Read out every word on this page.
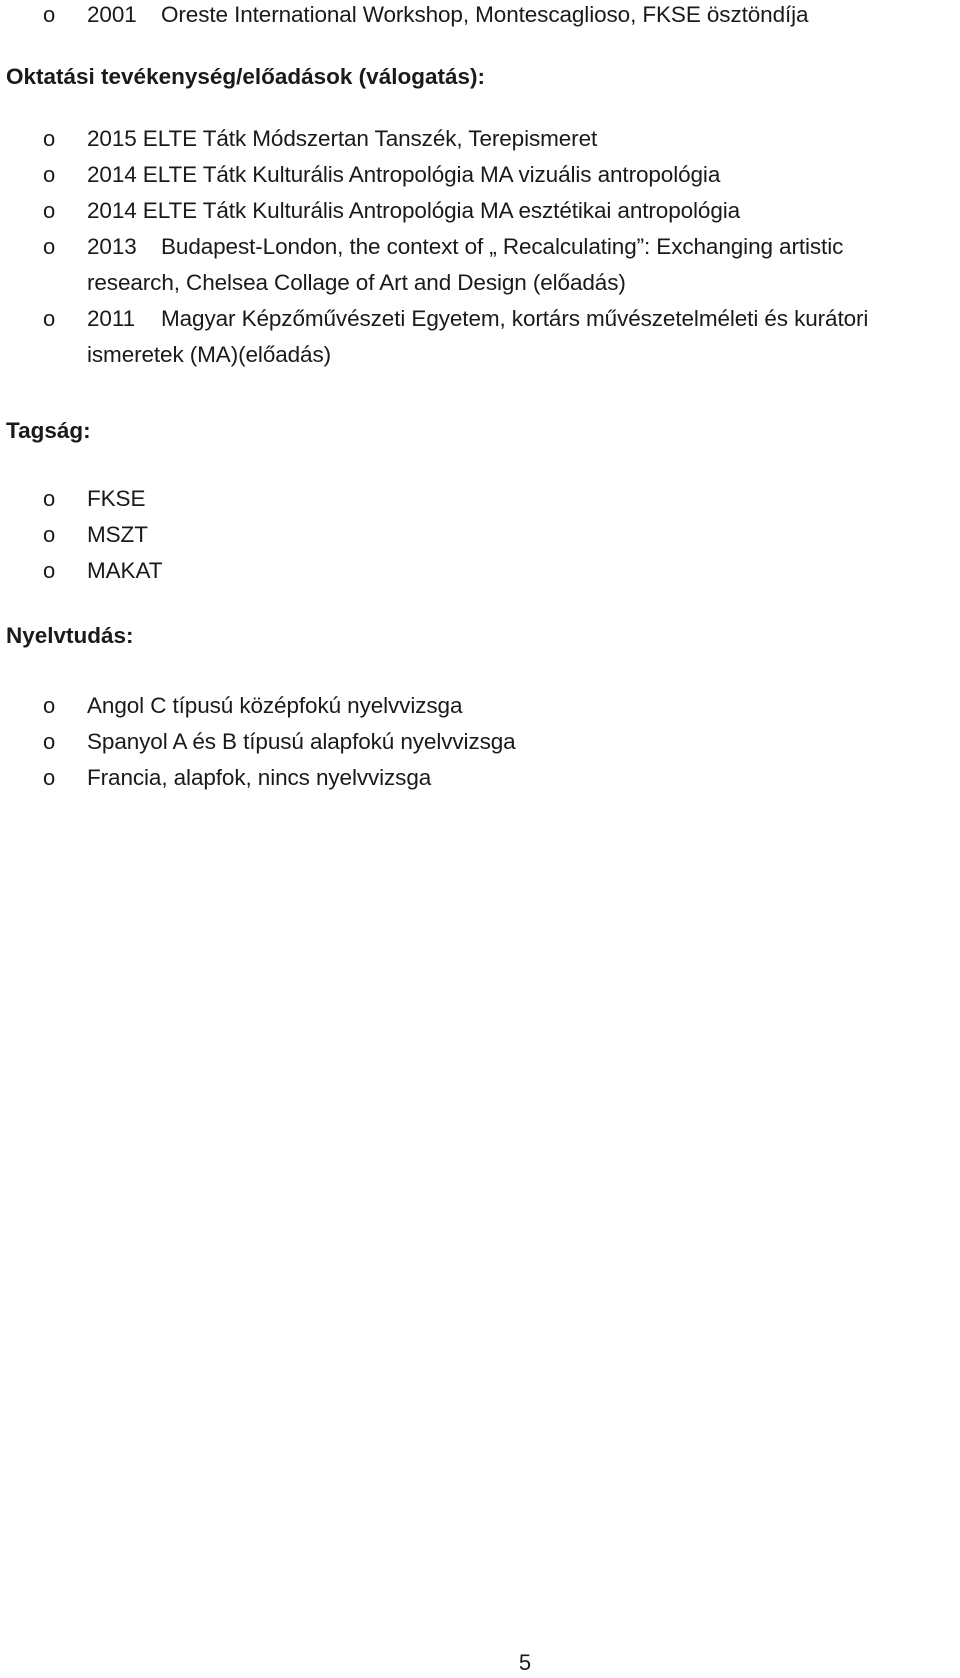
o 2001 Oreste International Workshop, Montescaglioso, FKSE ösztöndíja
Oktatási tevékenység/előadások (válogatás):
o 2015 ELTE Tátk Módszertan Tanszék, Terepismeret
o 2014 ELTE Tátk Kulturális Antropológia MA vizuális antropológia
o 2014 ELTE Tátk Kulturális Antropológia MA esztétikai antropológia
o 2013 Budapest-London, the context of „ Recalculating”: Exchanging artistic
research, Chelsea Collage of Art and Design (előadás)
o 2011 Magyar Képzőművészeti Egyetem, kortárs művészetelméleti és kurátori
ismeretek (MA)(előadás)
Tagság:
o FKSE
o MSZT
o MAKAT
Nyelvtudás:
o Angol C típusú középfokú nyelvvizsga
o Spanyol A és B típusú alapfokú nyelvvizsga
o Francia, alapfok, nincs nyelvvizsga
5
